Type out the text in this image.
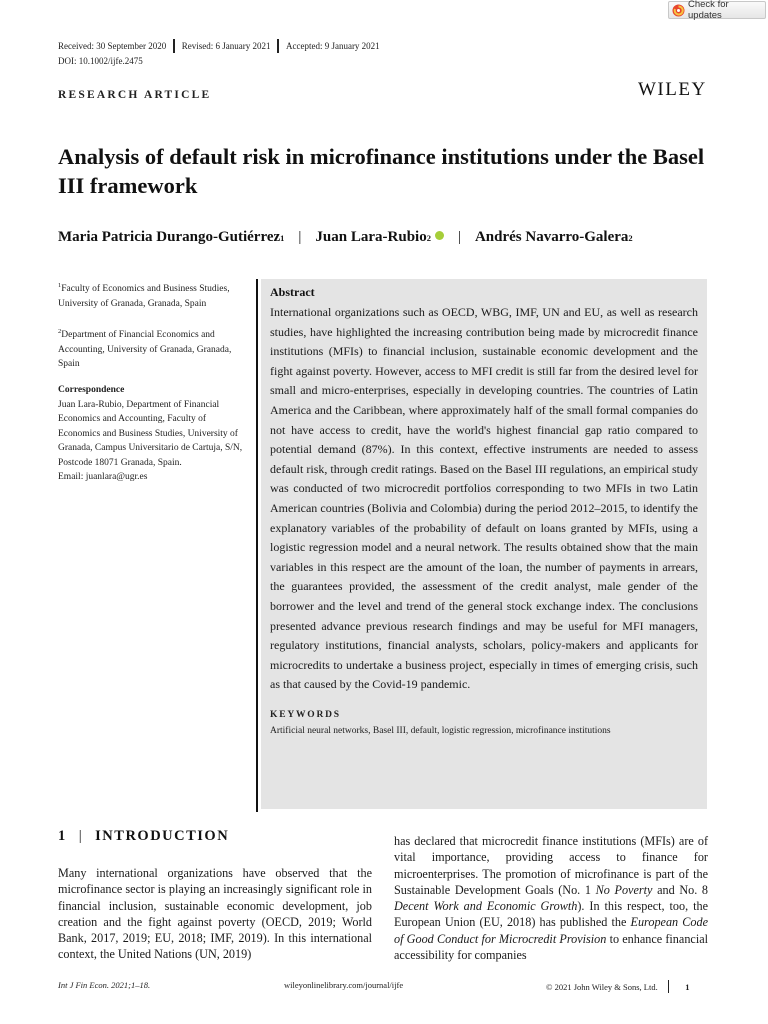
Check for updates
Received: 30 September 2020 Revised: 6 January 2021 Accepted: 9 January 2021
DOI: 10.1002/ijfe.2475
RESEARCH ARTICLE	WILEY
Analysis of default risk in microfinance institutions under the Basel III framework
Maria Patricia Durango-Gutiérrez 1 | Juan Lara-Rubio 2 | Andrés Navarro-Galera 2
$^1$Faculty of Economics and Business Studies, University of Granada, Granada, Spain
$^2$Department of Financial Economics and Accounting, University of Granada, Granada, Spain
Correspondence
Juan Lara-Rubio, Department of Financial Economics and Accounting, Faculty of Economics and Business Studies, University of Granada, Campus Universitario de Cartuja, S/N, Postcode 18071 Granada, Spain.
Email: juanlara@ugr.es
Abstract
International organizations such as OECD, WBG, IMF, UN and EU, as well as research studies, have highlighted the increasing contribution being made by microcredit finance institutions (MFIs) to financial inclusion, sustainable economic development and the fight against poverty. However, access to MFI credit is still far from the desired level for small and micro-enterprises, especially in developing countries. The countries of Latin America and the Caribbean, where approximately half of the small formal companies do not have access to credit, have the world's highest financial gap ratio compared to potential demand (87%). In this context, effective instruments are needed to assess default risk, through credit ratings. Based on the Basel III regulations, an empirical study was conducted of two microcredit portfolios corresponding to two MFIs in two Latin American countries (Bolivia and Colombia) during the period 2012–2015, to identify the explanatory variables of the probability of default on loans granted by MFIs, using a logistic regression model and a neural network. The results obtained show that the main variables in this respect are the amount of the loan, the number of payments in arrears, the guarantees provided, the assessment of the credit analyst, male gender of the borrower and the level and trend of the general stock exchange index. The conclusions presented advance previous research findings and may be useful for MFI managers, regulatory institutions, financial analysts, scholars, policy-makers and applicants for microcredits to undertake a business project, especially in times of emerging crisis, such as that caused by the Covid-19 pandemic.
KEYWORDS
Artificial neural networks, Basel III, default, logistic regression, microfinance institutions
1 | INTRODUCTION
Many international organizations have observed that the microfinance sector is playing an increasingly significant role in financial inclusion, sustainable economic development, job creation and the fight against poverty (OECD, 2019; World Bank, 2017, 2019; EU, 2018; IMF, 2019). In this international context, the United Nations (UN, 2019)
has declared that microcredit finance institutions (MFIs) are of vital importance, providing access to finance for microenterprises. The promotion of microfinance is part of the Sustainable Development Goals (No. 1 No Poverty and No. 8 Decent Work and Economic Growth). In this respect, too, the European Union (EU, 2018) has published the European Code of Good Conduct for Microcredit Provision to enhance financial accessibility for companies
Int J Fin Econ. 2021;1–18.	wileyonlinelibrary.com/journal/ijfe	© 2021 John Wiley & Sons, Ltd.	1
